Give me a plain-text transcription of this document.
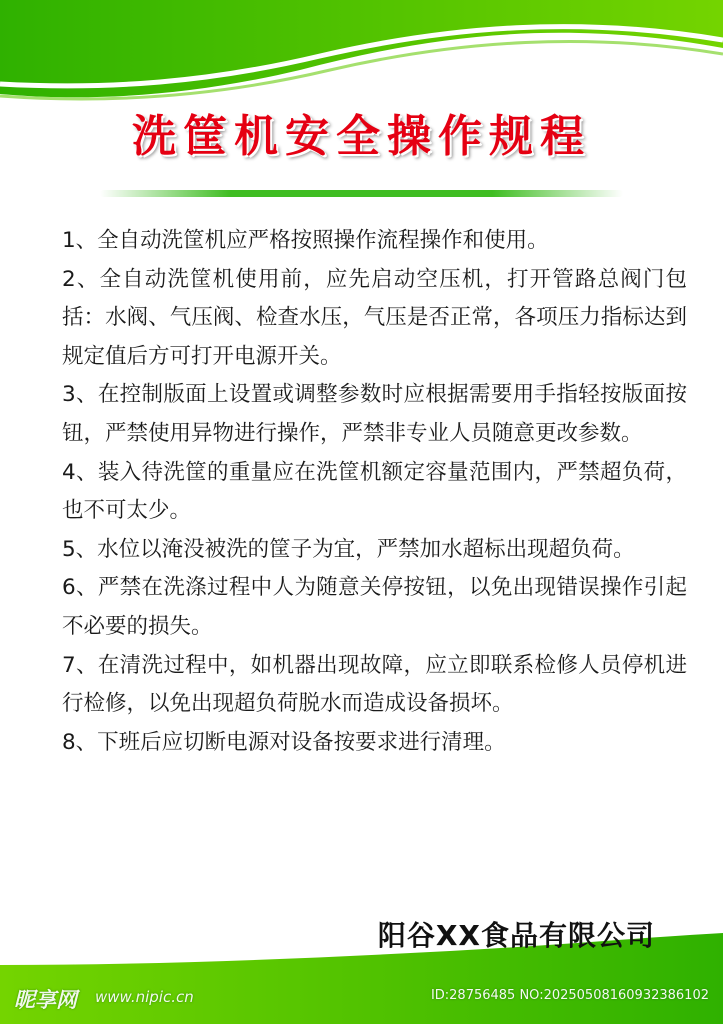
洗筐机安全操作规程

1、全自动洗筐机应严格按照操作流程操作和使用。

2、全自动洗筐机使用前，应先启动空压机，打开管路总阀门包括：水阀、气压阀、检查水压，气压是否正常，各项压力指标达到规定值后方可打开电源开关。

3、在控制版面上设置或调整参数时应根据需要用手指轻按版面按钮，严禁使用异物进行操作，严禁非专业人员随意更改参数。

4、装入待洗筐的重量应在洗筐机额定容量范围内，严禁超负荷，也不可太少。

5、水位以淹没被洗的筐子为宜，严禁加水超标出现超负荷。

6、严禁在洗涤过程中人为随意关停按钮，以免出现错误操作引起不必要的损失。

7、在清洗过程中，如机器出现故障，应立即联系检修人员停机进行检修，以免出现超负荷脱水而造成设备损坏。

8、下班后应切断电源对设备按要求进行清理。

阳谷XX食品有限公司
昵享网 www.nipic.cn	ID:28756485 NO:20250508160932386102
